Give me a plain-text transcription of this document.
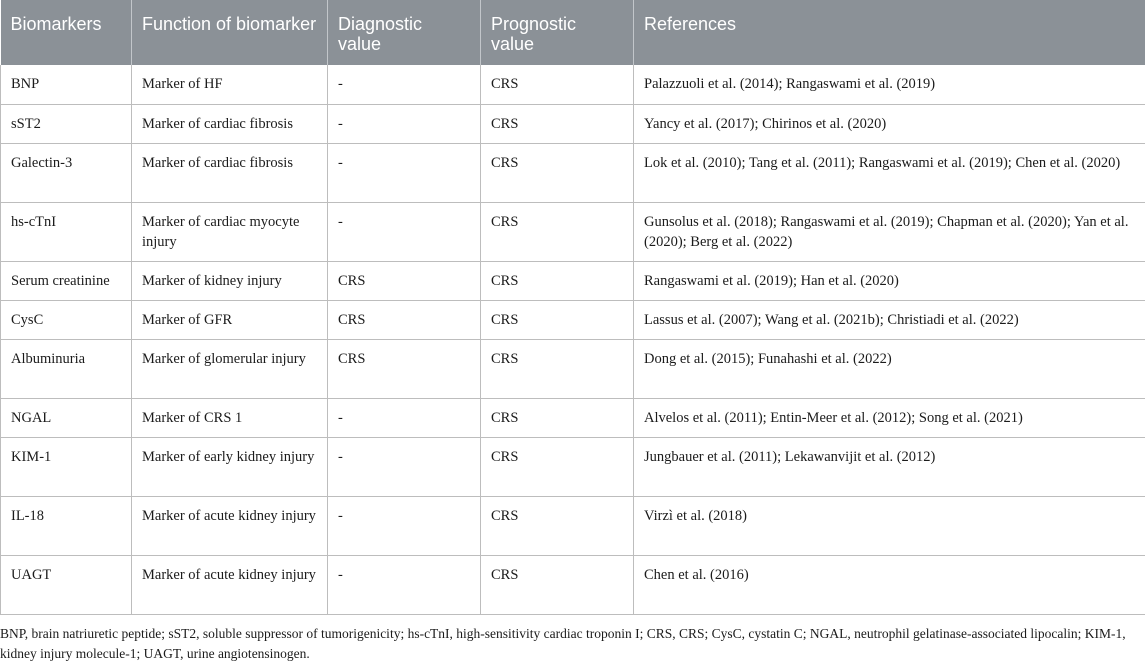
Biomarkers	Function of biomarker	Diagnostic value	Prognostic value	References
BNP	Marker of HF	-	CRS	Palazzuoli et al. (2014); Rangaswami et al. (2019)
sST2	Marker of cardiac fibrosis	-	CRS	Yancy et al. (2017); Chirinos et al. (2020)
Galectin-3	Marker of cardiac fibrosis	-	CRS	Lok et al. (2010); Tang et al. (2011); Rangaswami et al. (2019); Chen et al. (2020)
hs-cTnI	Marker of cardiac myocyte injury	-	CRS	Gunsolus et al. (2018); Rangaswami et al. (2019); Chapman et al. (2020); Yan et al. (2020); Berg et al. (2022)
Serum creatinine	Marker of kidney injury	CRS	CRS	Rangaswami et al. (2019); Han et al. (2020)
CysC	Marker of GFR	CRS	CRS	Lassus et al. (2007); Wang et al. (2021b); Christiadi et al. (2022)
Albuminuria	Marker of glomerular injury	CRS	CRS	Dong et al. (2015); Funahashi et al. (2022)
NGAL	Marker of CRS 1	-	CRS	Alvelos et al. (2011); Entin-Meer et al. (2012); Song et al. (2021)
KIM-1	Marker of early kidney injury	-	CRS	Jungbauer et al. (2011); Lekawanvijit et al. (2012)
IL-18	Marker of acute kidney injury	-	CRS	Virzì et al. (2018)
UAGT	Marker of acute kidney injury	-	CRS	Chen et al. (2016)

BNP, brain natriuretic peptide; sST2, soluble suppressor of tumorigenicity; hs-cTnI, high-sensitivity cardiac troponin I; CRS, CRS; CysC, cystatin C; NGAL, neutrophil gelatinase-associated lipocalin; KIM-1, kidney injury molecule-1; UAGT, urine angiotensinogen.
